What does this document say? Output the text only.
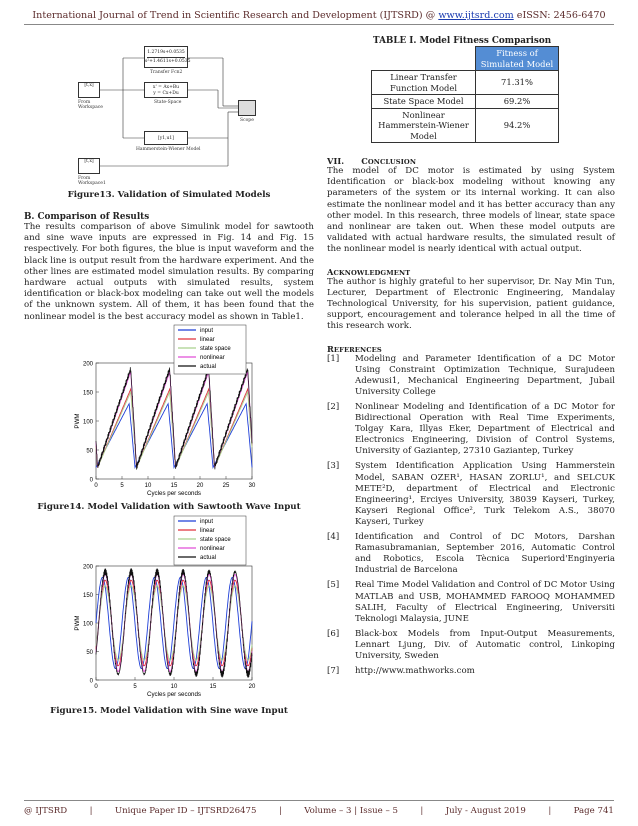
International Journal of Trend in Scientific Research and Development (IJTSRD) @ www.ijtsrd.com eISSN: 2456-6470
[t,x]
From
Workspace
1.2719s+0.0535
s²+1.4611s+0.0535
Transfer Fcn2
x' = Ax+Bu
y = Cx+Du
State-Space
Scope
[y1,u1]
Hammerstein-Wiener Model
[t,x]
From
Workspace1
Figure13. Validation of Simulated Models
B. Comparison of Results
The results comparison of above Simulink model for sawtooth and sine wave inputs are expressed in Fig. 14 and Fig. 15 respectively. For both figures, the blue is input waveform and the black line is output result from the hardware experiment. And the other lines are estimated model simulation results. By comparing hardware actual outputs with simulated results, system identification or black-box modeling can take out well the models of the unknown system. All of them, it has been found that the nonlinear model is the best accuracy model as shown in Table1.
0
50
100
150
200
0	5	10	15	20	25	30
Cycles per seconds
PWM
input
linear
state space
nonlinear
actual
Figure14. Model Validation with Sawtooth Wave Input
0
50
100
150
200
0	5	10	15	20
Cycles per seconds
PWM
input
linear
state space
nonlinear
actual
Figure15. Model Validation with Sine wave Input
TABLE I. Model Fitness Comparison
	Fitness of Simulated Model
Linear Transfer Function Model	71.31%
State Space Model	69.2%
Nonlinear Hammerstein-Wiener Model	94.2%
VII. CONCLUSION
The model of DC motor is estimated by using System Identification or black-box modeling without knowing any parameters of the system or its internal working. It can also estimate the nonlinear model and it has better accuracy than any other model. In this research, three models of linear, state space and nonlinear are taken out. When these model outputs are validated with actual hardware results, the simulated result of the nonlinear model is nearly identical with actual output.
ACKNOWLEDGMENT
The author is highly grateful to her supervisor, Dr. Nay Min Tun, Lecturer, Department of Electronic Engineering, Mandalay Technological University, for his supervision, patient guidance, support, encouragement and tolerance helped in all the time of this research work.
REFERENCES
[1]	Modeling and Parameter Identification of a DC Motor Using Constraint Optimization Technique, Surajudeen Adewusi1, Mechanical Engineering Department, Jubail University College
[2]	Nonlinear Modeling and Identification of a DC Motor for Bidirectional Operation with Real Time Experiments, Tolgay Kara, Illyas Eker, Department of Electrical and Electronics Engineering, Division of Control Systems, University of Gaziantep, 27310 Gaziantep, Turkey
[3]	System Identification Application Using Hammerstein Model, SABAN OZER¹, HASAN ZORLU¹, and SELCUK METE²D, department of Electrical and Electronic Engineering¹, Erciyes University, 38039 Kayseri, Turkey, Kayseri Regional Office², Turk Telekom A.S., 38070 Kayseri, Turkey
[4]	Identification and Control of DC Motors, Darshan Ramasubramanian, September 2016, Automatic Control and Robotics, Escola Tècnica Superiord'Enginyeria Industrial de Barcelona
[5]	Real Time Model Validation and Control of DC Motor Using MATLAB and USB, MOHAMMED FAROOQ MOHAMMED SALIH, Faculty of Electrical Engineering, Universiti Teknologi Malaysia, JUNE
[6]	Black-box Models from Input-Output Measurements, Lennart Ljung, Div. of Automatic control, Linkoping University, Sweden
[7]	http://www.mathworks.com
@ IJTSRD	|	Unique Paper ID – IJTSRD26475	|	Volume – 3 | Issue – 5	|	July - August 2019	|	Page 741
